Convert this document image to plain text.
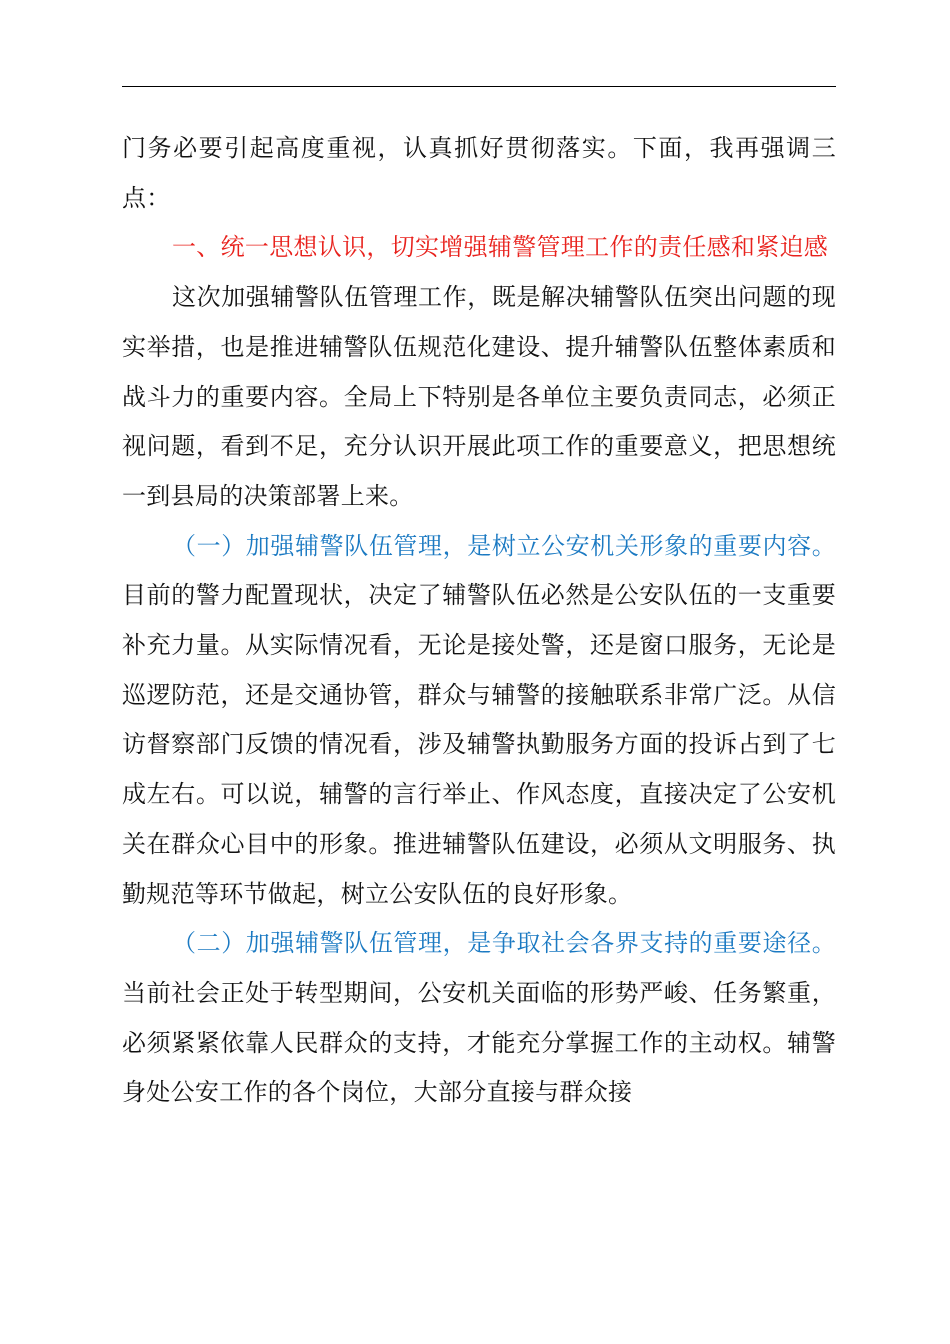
门务必要引起高度重视，认真抓好贯彻落实。下面，我再强调三点：

一、统一思想认识，切实增强辅警管理工作的责任感和紧迫感

这次加强辅警队伍管理工作，既是解决辅警队伍突出问题的现实举措，也是推进辅警队伍规范化建设、提升辅警队伍整体素质和战斗力的重要内容。全局上下特别是各单位主要负责同志，必须正视问题，看到不足，充分认识开展此项工作的重要意义，把思想统一到县局的决策部署上来。

（一）加强辅警队伍管理，是树立公安机关形象的重要内容。目前的警力配置现状，决定了辅警队伍必然是公安队伍的一支重要补充力量。从实际情况看，无论是接处警，还是窗口服务，无论是巡逻防范，还是交通协管，群众与辅警的接触联系非常广泛。从信访督察部门反馈的情况看，涉及辅警执勤服务方面的投诉占到了七成左右。可以说，辅警的言行举止、作风态度，直接决定了公安机关在群众心目中的形象。推进辅警队伍建设，必须从文明服务、执勤规范等环节做起，树立公安队伍的良好形象。

（二）加强辅警队伍管理，是争取社会各界支持的重要途径。当前社会正处于转型期间，公安机关面临的形势严峻、任务繁重，必须紧紧依靠人民群众的支持，才能充分掌握工作的主动权。辅警身处公安工作的各个岗位，大部分直接与群众接
